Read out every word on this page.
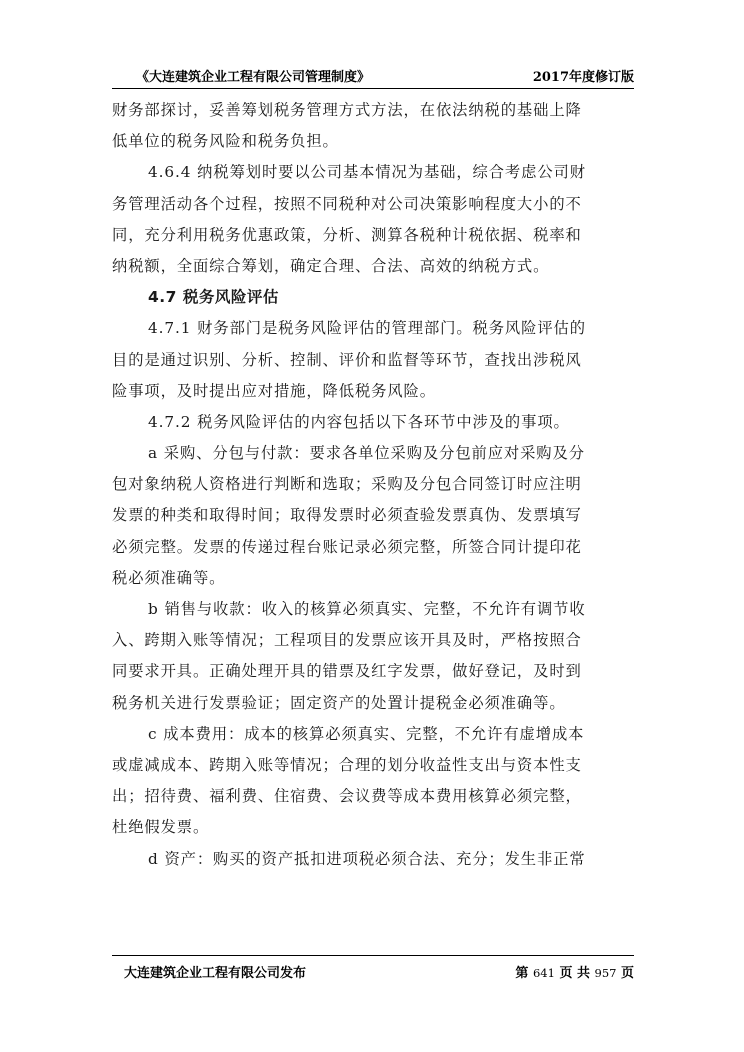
《大连建筑企业工程有限公司管理制度》	2017年度修订版
财务部探讨，妥善筹划税务管理方式方法，在依法纳税的基础上降
低单位的税务风险和税务负担。
4.6.4 纳税筹划时要以公司基本情况为基础，综合考虑公司财
务管理活动各个过程，按照不同税种对公司决策影响程度大小的不
同，充分利用税务优惠政策，分析、测算各税种计税依据、税率和
纳税额，全面综合筹划，确定合理、合法、高效的纳税方式。
4.7 税务风险评估
4.7.1 财务部门是税务风险评估的管理部门。税务风险评估的
目的是通过识别、分析、控制、评价和监督等环节，查找出涉税风
险事项，及时提出应对措施，降低税务风险。
4.7.2 税务风险评估的内容包括以下各环节中涉及的事项。
a 采购、分包与付款：要求各单位采购及分包前应对采购及分
包对象纳税人资格进行判断和选取；采购及分包合同签订时应注明
发票的种类和取得时间；取得发票时必须查验发票真伪、发票填写
必须完整。发票的传递过程台账记录必须完整，所签合同计提印花
税必须准确等。
b 销售与收款：收入的核算必须真实、完整，不允许有调节收
入、跨期入账等情况；工程项目的发票应该开具及时，严格按照合
同要求开具。正确处理开具的错票及红字发票，做好登记，及时到
税务机关进行发票验证；固定资产的处置计提税金必须准确等。
c 成本费用：成本的核算必须真实、完整，不允许有虚增成本
或虚减成本、跨期入账等情况；合理的划分收益性支出与资本性支
出；招待费、福利费、住宿费、会议费等成本费用核算必须完整，
杜绝假发票。
d 资产：购买的资产抵扣进项税必须合法、充分；发生非正常
大连建筑企业工程有限公司发布	第 641 页 共 957 页
